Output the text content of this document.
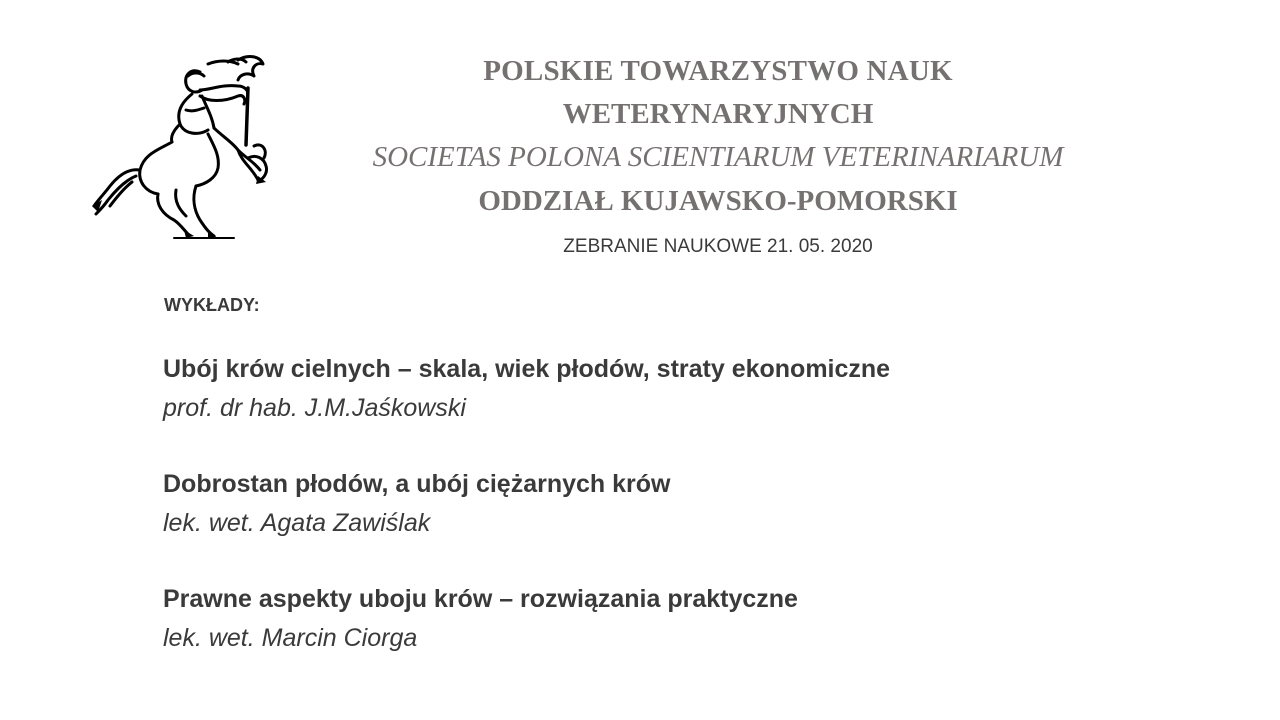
POLSKIE TOWARZYSTWO NAUK
WETERYNARYJNYCH
SOCIETAS POLONA SCIENTIARUM VETERINARIARUM
ODDZIAŁ KUJAWSKO-POMORSKI
ZEBRANIE NAUKOWE 21. 05. 2020
WYKŁADY:
Ubój krów cielnych – skala, wiek płodów, straty ekonomiczne
prof. dr hab. J.M.Jaśkowski
Dobrostan płodów, a ubój ciężarnych krów
lek. wet. Agata Zawiślak
Prawne aspekty uboju krów – rozwiązania praktyczne
lek. wet. Marcin Ciorga
